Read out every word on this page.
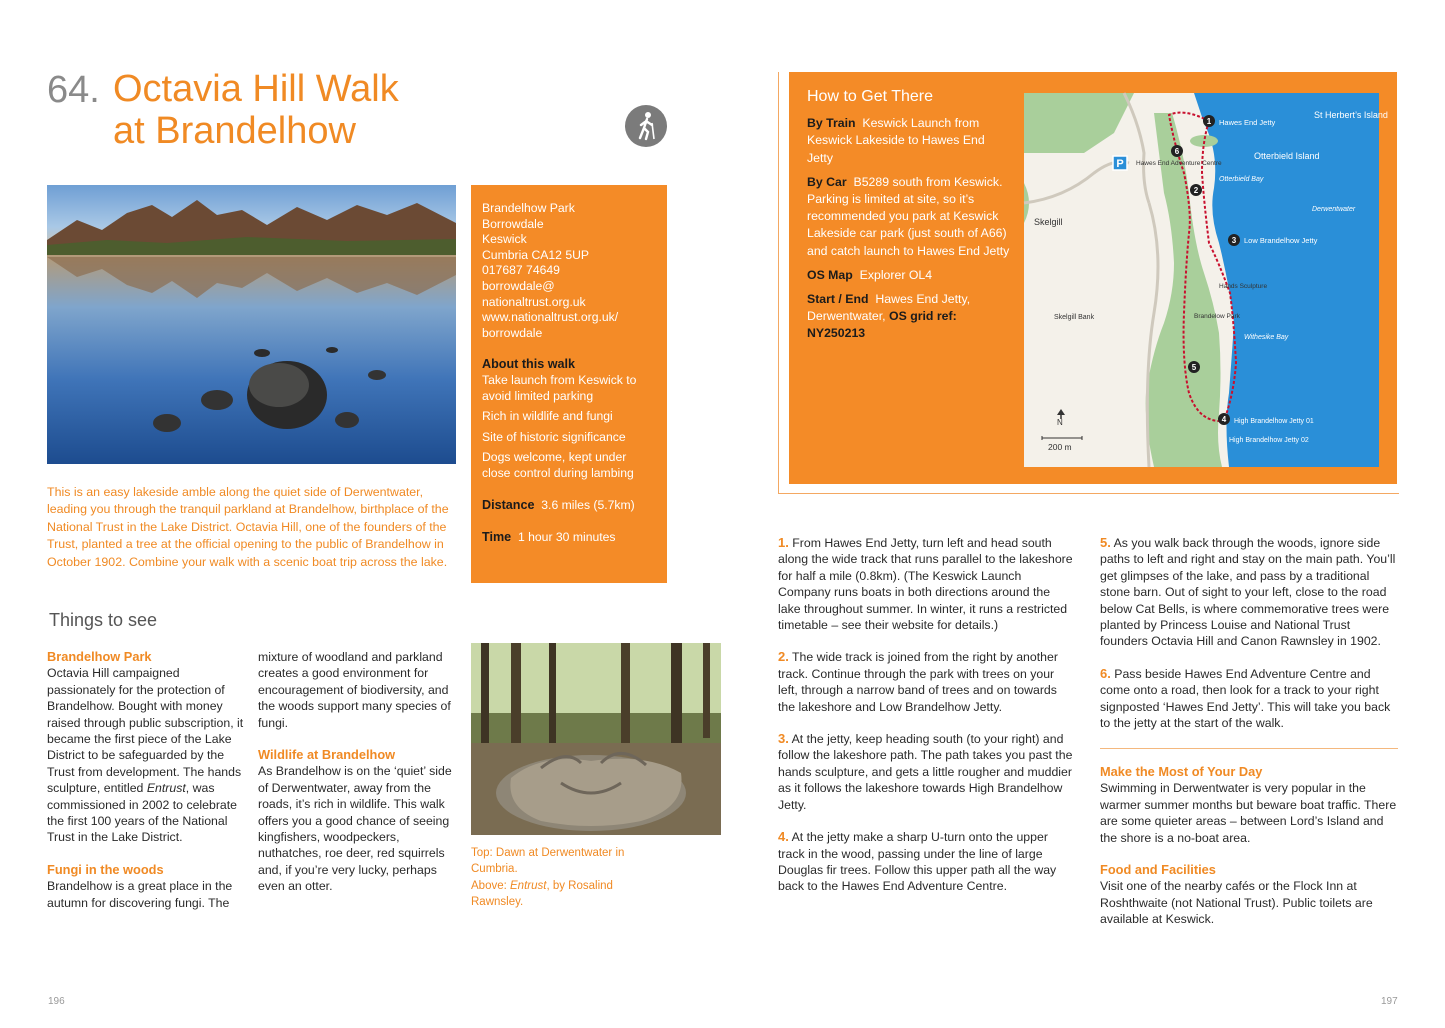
64. Octavia Hill Walk
at Brandelhow
Brandelhow Park
Borrowdale
Keswick
Cumbria CA12 5UP
017687 74649
borrowdale@
nationaltrust.org.uk
www.nationaltrust.org.uk/
borrowdale
About this walk
Take launch from Keswick to avoid limited parking
Rich in wildlife and fungi
Site of historic significance
Dogs welcome, kept under close control during lambing
Distance 3.6 miles (5.7km)
Time 1 hour 30 minutes
This is an easy lakeside amble along the quiet side of Derwentwater, leading you through the tranquil parkland at Brandelhow, birthplace of the National Trust in the Lake District. Octavia Hill, one of the founders of the Trust, planted a tree at the official opening to the public of Brandelhow in October 1902. Combine your walk with a scenic boat trip across the lake.
Things to see
Brandelhow Park

Octavia Hill campaigned passionately for the protection of Brandelhow. Bought with money raised through public subscription, it became the first piece of the Lake District to be safeguarded by the Trust from development. The hands sculpture, entitled Entrust, was commissioned in 2002 to celebrate the first 100 years of the National Trust in the Lake District.

Fungi in the woods

Brandelhow is a great place in the autumn for discovering fungi. The

mixture of woodland and parkland creates a good environment for encouragement of biodiversity, and the woods support many species of fungi.

Wildlife at Brandelhow

As Brandelhow is on the ‘quiet’ side of Derwentwater, away from the roads, it’s rich in wildlife. This walk offers you a good chance of seeing kingfishers, woodpeckers, nuthatches, roe deer, red squirrels and, if you’re very lucky, perhaps even an otter.

Top: Dawn at Derwentwater in Cumbria.
Above: Entrust, by Rosalind Rawnsley.
How to Get There

By Train Keswick Launch from Keswick Lakeside to Hawes End Jetty

By Car B5289 south from Keswick. Parking is limited at site, so it’s recommended you park at Keswick Lakeside car park (just south of A66) and catch launch to Hawes End Jetty

OS Map Explorer OL4

Start / End Hawes End Jetty, Derwentwater, OS grid ref: NY250213

1
2
3
4
5
6
P
Hawes End Jetty
St Herbert’s Island
Otterbield Island
Otterbield Bay
Derwentwater
Low Brandelhow Jetty
Withesike Bay
High Brandelhow Jetty 01
High Brandelhow Jetty 02
Hawes End Adventure Centre
Skelgill
Hands Sculpture
Brandelow Park
Skelgill Bank
N
200 m

1. From Hawes End Jetty, turn left and head south along the wide track that runs parallel to the lakeshore for half a mile (0.8km). (The Keswick Launch Company runs boats in both directions around the lake throughout summer. In winter, it runs a restricted timetable – see their website for details.)

2. The wide track is joined from the right by another track. Continue through the park with trees on your left, through a narrow band of trees and on towards the lakeshore and Low Brandelhow Jetty.

3. At the jetty, keep heading south (to your right) and follow the lakeshore path. The path takes you past the hands sculpture, and gets a little rougher and muddier as it follows the lakeshore towards High Brandelhow Jetty.

4. At the jetty make a sharp U-turn onto the upper track in the wood, passing under the line of large Douglas fir trees. Follow this upper path all the way back to the Hawes End Adventure Centre.

5. As you walk back through the woods, ignore side paths to left and right and stay on the main path. You’ll get glimpses of the lake, and pass by a traditional stone barn. Out of sight to your left, close to the road below Cat Bells, is where commemorative trees were planted by Princess Louise and National Trust founders Octavia Hill and Canon Rawnsley in 1902.

6. Pass beside Hawes End Adventure Centre and come onto a road, then look for a track to your right signposted ‘Hawes End Jetty’. This will take you back to the jetty at the start of the walk.

Make the Most of Your Day

Swimming in Derwentwater is very popular in the warmer summer months but beware boat traffic. There are some quieter areas – between Lord’s Island and the shore is a no-boat area.

Food and Facilities

Visit one of the nearby cafés or the Flock Inn at Roshthwaite (not National Trust). Public toilets are available at Keswick.

196	197
